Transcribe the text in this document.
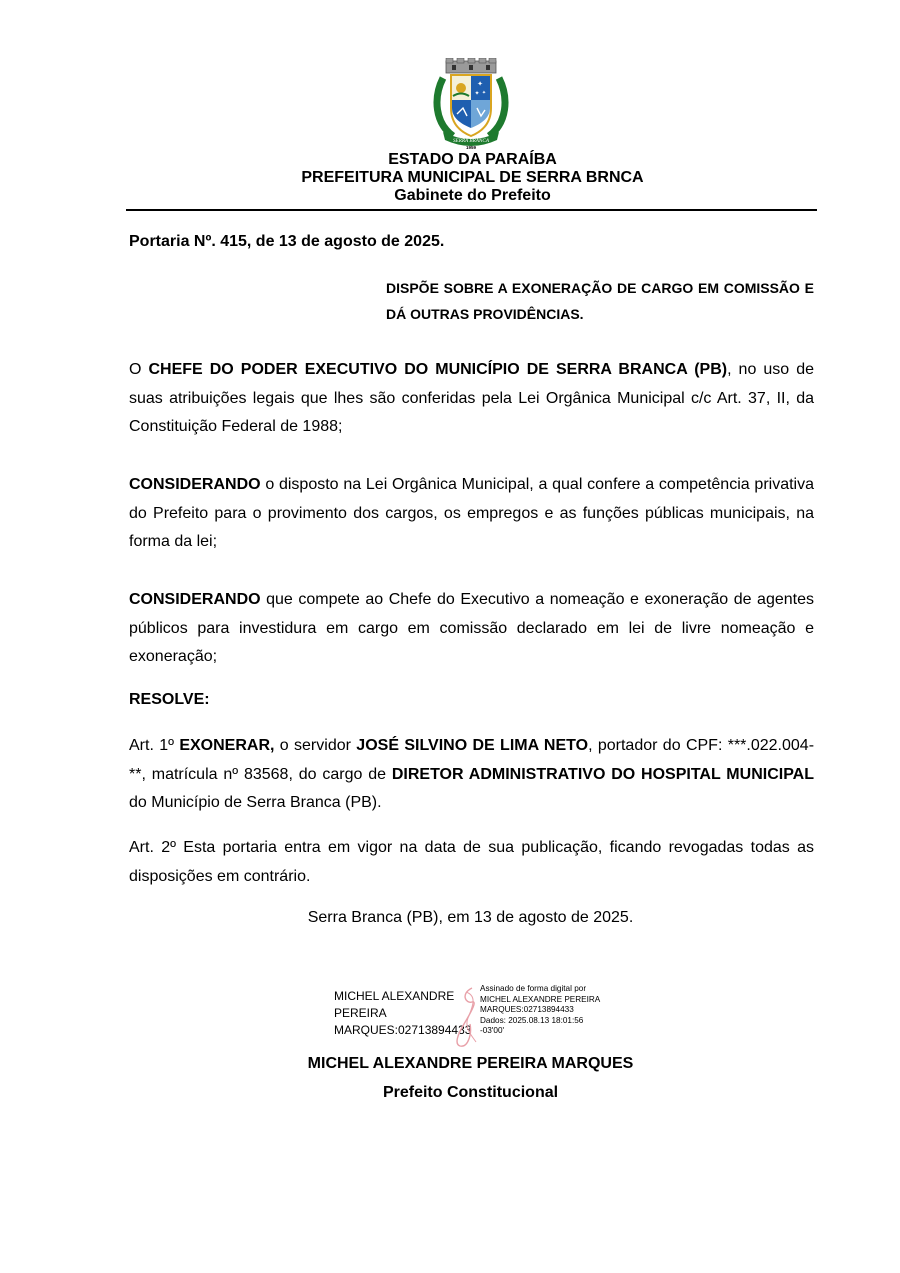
✦
✦ ✦
SERRA BRANCA
1959
ESTADO DA PARAÍBA
PREFEITURA MUNICIPAL DE SERRA BRNCA
Gabinete do Prefeito
Portaria Nº. 415, de 13 de agosto de 2025.
DISPÕE SOBRE A EXONERAÇÃO DE CARGO EM COMISSÃO E DÁ OUTRAS PROVIDÊNCIAS.
O CHEFE DO PODER EXECUTIVO DO MUNICÍPIO DE SERRA BRANCA (PB), no uso de suas atribuições legais que lhes são conferidas pela Lei Orgânica Municipal c/c Art. 37, II, da Constituição Federal de 1988;
CONSIDERANDO o disposto na Lei Orgânica Municipal, a qual confere a competência privativa do Prefeito para o provimento dos cargos, os empregos e as funções públicas municipais, na forma da lei;
CONSIDERANDO que compete ao Chefe do Executivo a nomeação e exoneração de agentes públicos para investidura em cargo em comissão declarado em lei de livre nomeação e exoneração;
RESOLVE:
Art. 1º EXONERAR, o servidor JOSÉ SILVINO DE LIMA NETO, portador do CPF: ***.022.004-**, matrícula nº 83568, do cargo de DIRETOR ADMINISTRATIVO DO HOSPITAL MUNICIPAL do Município de Serra Branca (PB).
Art. 2º Esta portaria entra em vigor na data de sua publicação, ficando revogadas todas as disposições em contrário.
Serra Branca (PB), em 13 de agosto de 2025.
MICHEL ALEXANDRE
PEREIRA
MARQUES:02713894433
Assinado de forma digital por
MICHEL ALEXANDRE PEREIRA
MARQUES:02713894433
Dados: 2025.08.13 18:01:56
-03'00'
MICHEL ALEXANDRE PEREIRA MARQUES
Prefeito Constitucional
